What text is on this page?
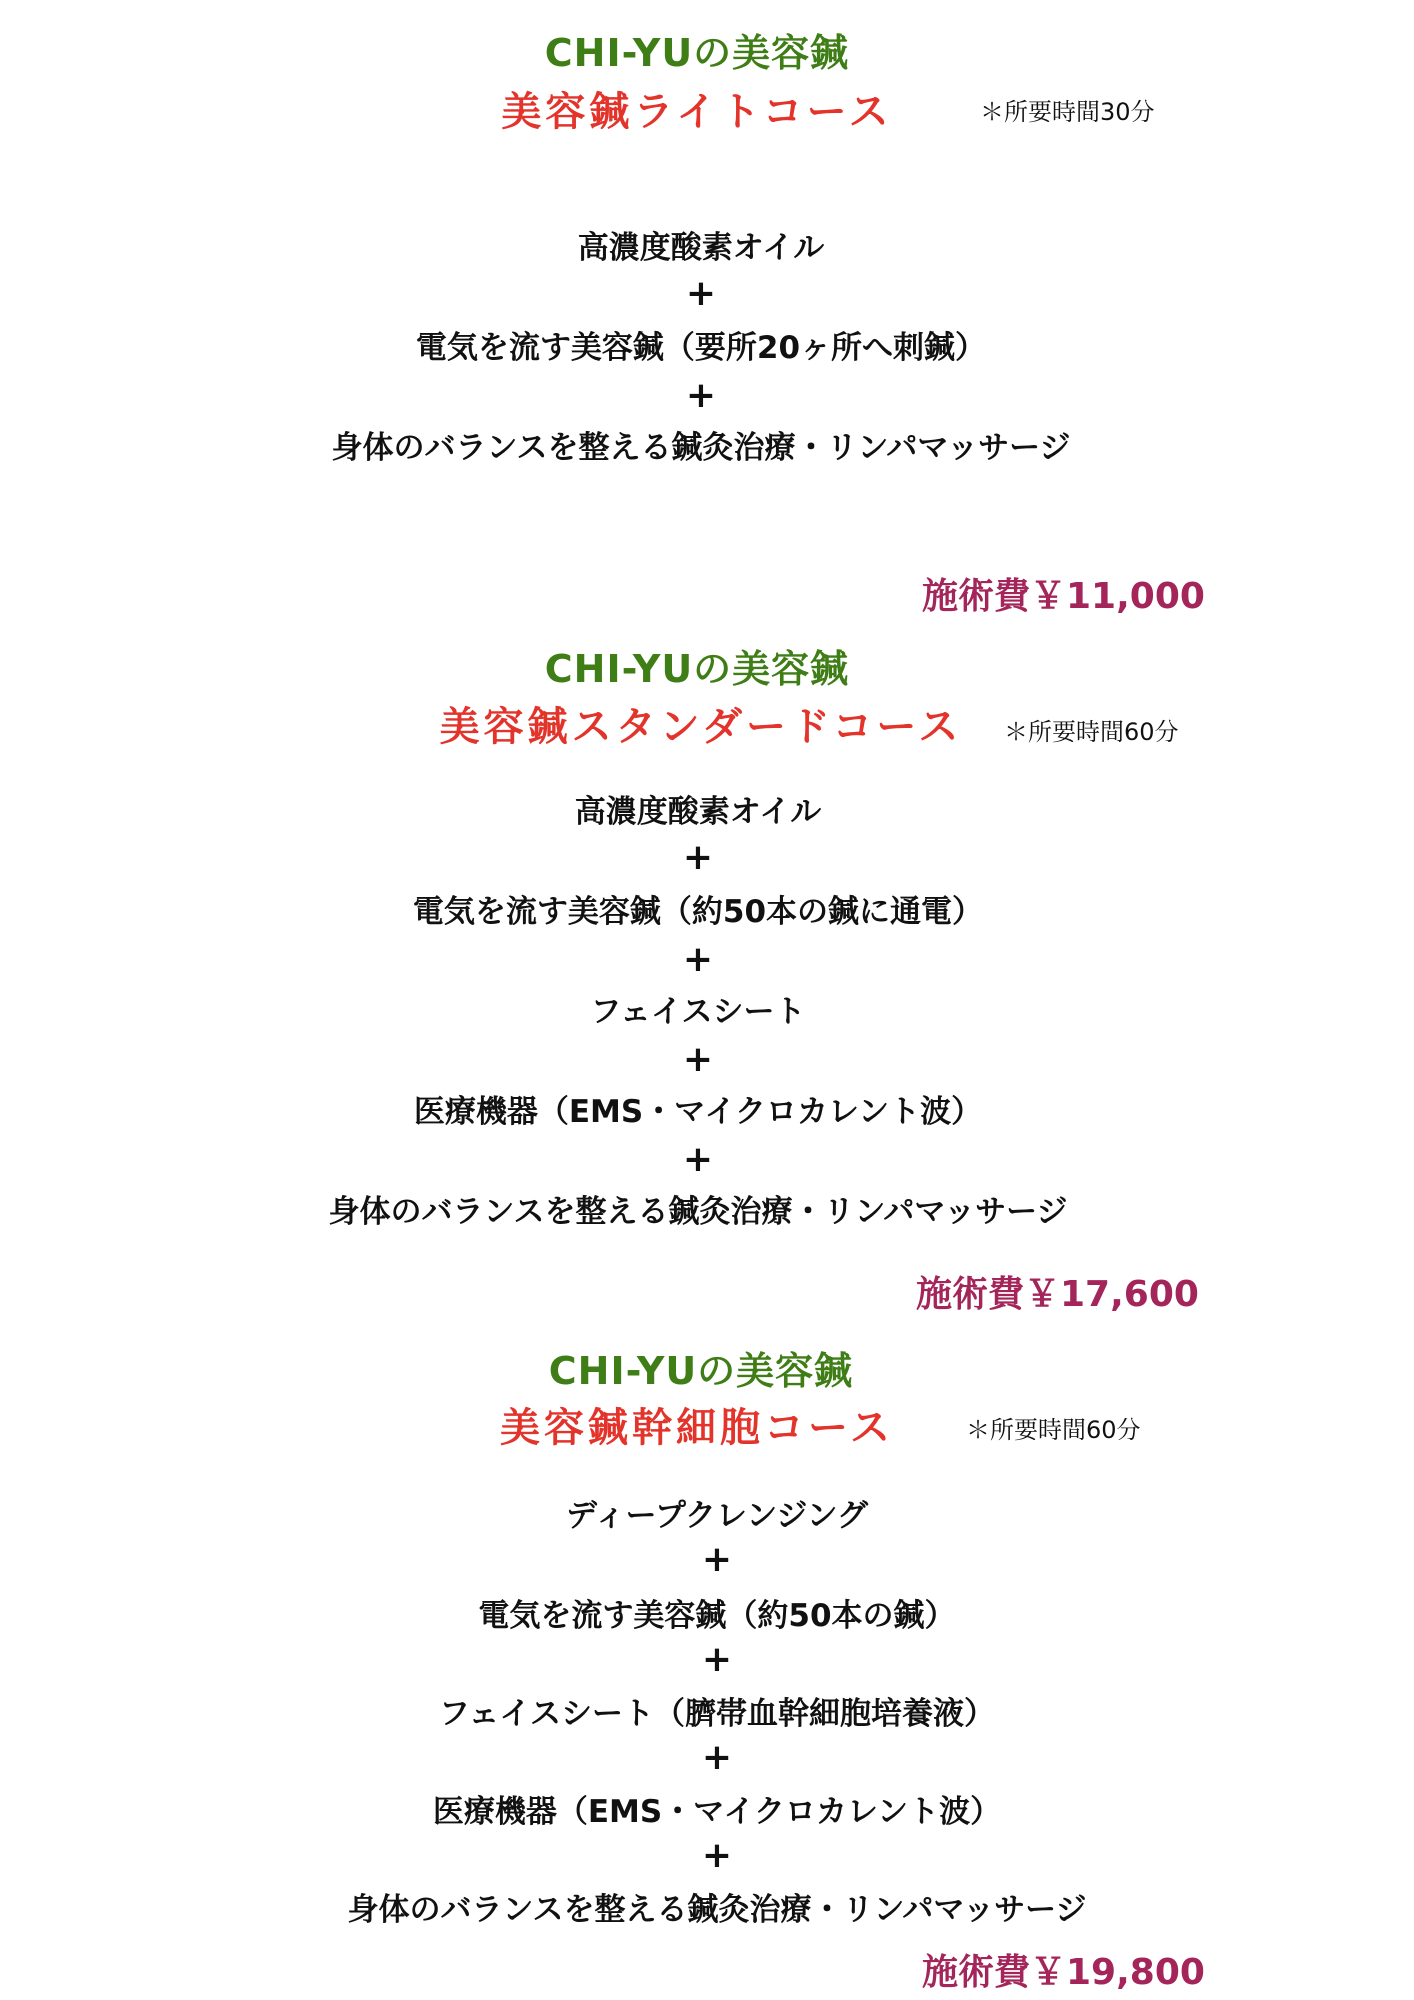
CHI-YUの美容鍼
美容鍼ライトコース	＊所要時間30分
高濃度酸素オイル
+
電気を流す美容鍼（要所20ヶ所へ刺鍼）
+
身体のバランスを整える鍼灸治療・リンパマッサージ
施術費￥11,000
CHI-YUの美容鍼
美容鍼スタンダードコース	＊所要時間60分
高濃度酸素オイル
+
電気を流す美容鍼（約50本の鍼に通電）
+
フェイスシート
+
医療機器（EMS・マイクロカレント波）
+
身体のバランスを整える鍼灸治療・リンパマッサージ
施術費￥17,600
CHI-YUの美容鍼
美容鍼幹細胞コース	＊所要時間60分
ディープクレンジング
+
電気を流す美容鍼（約50本の鍼）
+
フェイスシート（臍帯血幹細胞培養液）
+
医療機器（EMS・マイクロカレント波）
+
身体のバランスを整える鍼灸治療・リンパマッサージ
施術費￥19,800
